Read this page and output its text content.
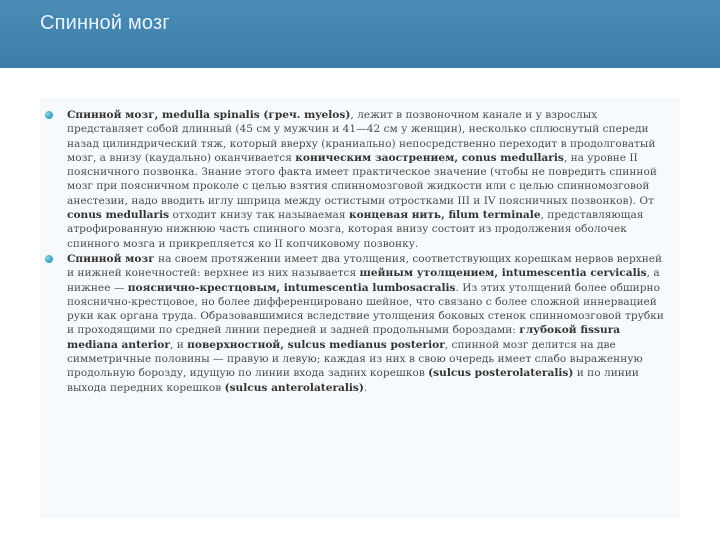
Спинной мозг
Спинной мозг, medulla spinalis (греч. myelos), лежит в позвоночном канале и у взрослых представляет собой длинный (45 см у мужчин и 41—42 см у женщин), несколько сплюснутый спереди назад цилиндрический тяж, который вверху (краниально) непосредственно переходит в продолговатый мозг, а внизу (каудально) оканчивается коническим заострением, conus medullaris, на уровне II поясничного позвонка. Знание этого факта имеет практическое значение (чтобы не повредить спинной мозг при поясничном проколе с целью взятия спинномозговой жидкости или с целью спинномозговой анестезии, надо вводить иглу шприца между остистыми отростками III и IV поясничных позвонков). От conus medullaris отходит книзу так называемая концевая нить, filum terminale, представляющая атрофированную нижнюю часть спинного мозга, которая внизу состоит из продолжения оболочек спинного мозга и прикрепляется ко II копчиковому позвонку.
Спинной мозг на своем протяжении имеет два утолщения, соответствующих корешкам нервов верхней и нижней конечностей: верхнее из них называется шейным утолщением, intumescentia cervicalis, а нижнее — пояснично-крестцовым, intumescentia lumbosacralis. Из этих утолщений более обширно пояснично-крестцовое, но более дифференцировано шейное, что связано с более сложной иннервацией руки как органа труда. Образовавшимися вследствие утолщения боковых стенок спинномозговой трубки и проходящими по средней линии передней и задней продольными бороздами: глубокой fissura mediana anterior, и поверхностной, sulcus medianus posterior, спинной мозг делится на две симметричные половины — правую и левую; каждая из них в свою очередь имеет слабо выраженную продольную борозду, идущую по линии входа задних корешков (sulcus posterolateralis) и по линии выхода передних корешков (sulcus anterolateralis).
